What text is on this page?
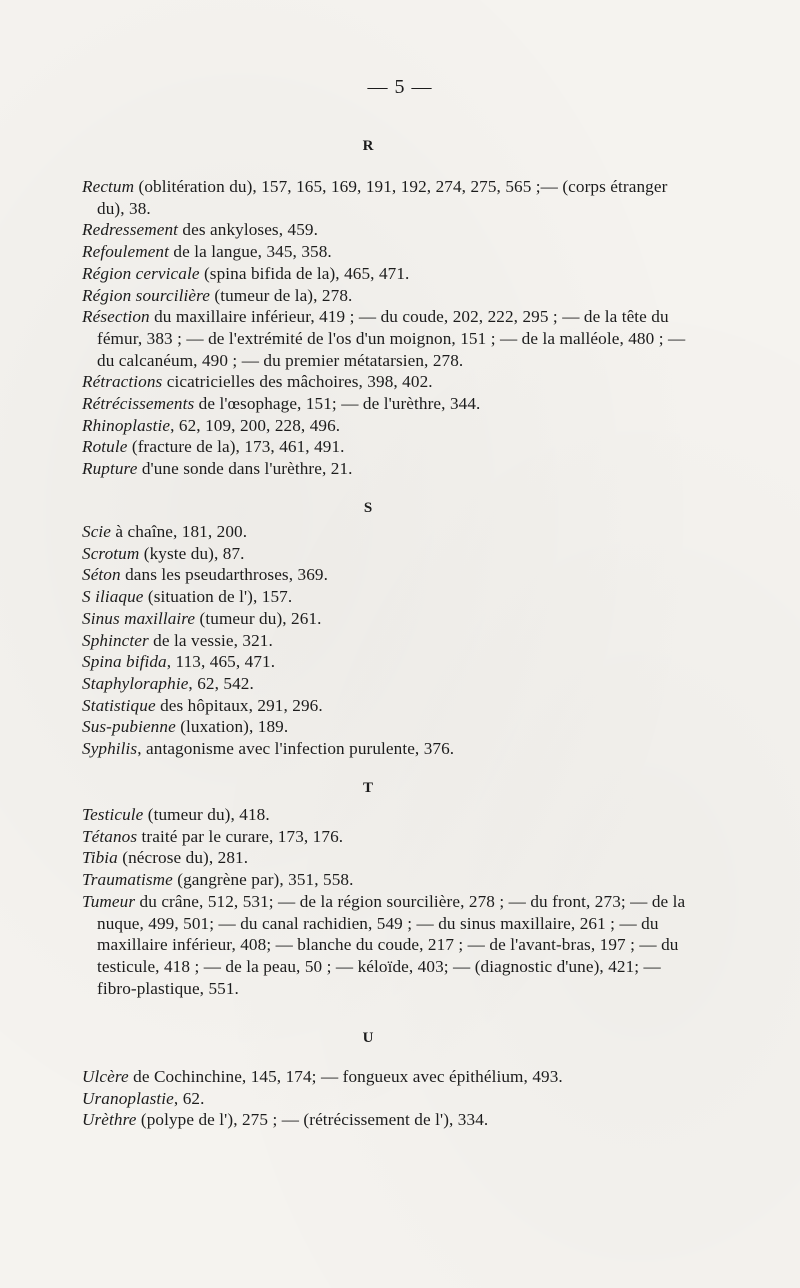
— 5 —
R
Rectum (oblitération du), 157, 165, 169, 191, 192, 274, 275, 565 ;— (corps étranger du), 38.
Redressement des ankyloses, 459.
Refoulement de la langue, 345, 358.
Région cervicale (spina bifida de la), 465, 471.
Région sourcilière (tumeur de la), 278.
Résection du maxillaire inférieur, 419 ; — du coude, 202, 222, 295 ; — de la tête du fémur, 383 ; — de l'extrémité de l'os d'un moignon, 151 ; — de la malléole, 480 ; — du calcanéum, 490 ; — du premier métatarsien, 278.
Rétractions cicatricielles des mâchoires, 398, 402.
Rétrécissements de l'œsophage, 151; — de l'urèthre, 344.
Rhinoplastie, 62, 109, 200, 228, 496.
Rotule (fracture de la), 173, 461, 491.
Rupture d'une sonde dans l'urèthre, 21.
S
Scie à chaîne, 181, 200.
Scrotum (kyste du), 87.
Séton dans les pseudarthroses, 369.
S iliaque (situation de l'), 157.
Sinus maxillaire (tumeur du), 261.
Sphincter de la vessie, 321.
Spina bifida, 113, 465, 471.
Staphyloraphie, 62, 542.
Statistique des hôpitaux, 291, 296.
Sus-pubienne (luxation), 189.
Syphilis, antagonisme avec l'infection purulente, 376.
T
Testicule (tumeur du), 418.
Tétanos traité par le curare, 173, 176.
Tibia (nécrose du), 281.
Traumatisme (gangrène par), 351, 558.
Tumeur du crâne, 512, 531; — de la région sourcilière, 278 ; — du front, 273; — de la nuque, 499, 501; — du canal rachidien, 549 ; — du sinus maxillaire, 261 ; — du maxillaire inférieur, 408; — blanche du coude, 217 ; — de l'avant-bras, 197 ; — du testicule, 418 ; — de la peau, 50 ; — kéloïde, 403; — (diagnostic d'une), 421; — fibro-plastique, 551.
U
Ulcère de Cochinchine, 145, 174; — fongueux avec épithélium, 493.
Uranoplastie, 62.
Urèthre (polype de l'), 275 ; — (rétrécissement de l'), 334.
